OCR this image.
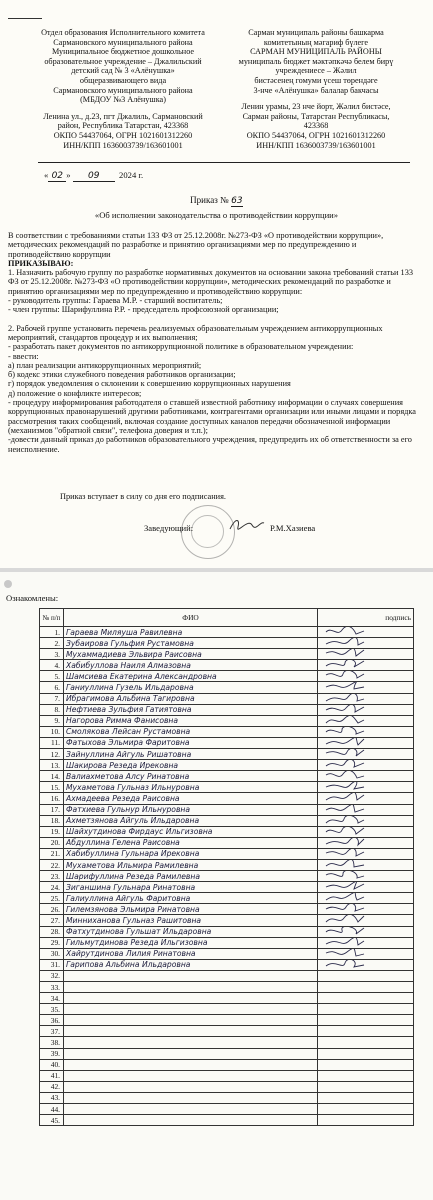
Отдел образования Исполнительного комитета
Сармановского муниципального района
Муниципальное бюджетное дошкольное
образовательное учреждение – Джалильский
детский сад № 3 «Алёнушка»
общеразвивающего вида
Сармановского муниципального района
(МБДОУ №3 Алёнушка)
Ленина ул., д.23, пгт Джалиль, Сармановский
район, Республика Татарстан, 423368
ОКПО 54437064, ОГРН 1021601312260
ИНН/КПП 1636003739/163601001
Сарман муниципаль районы башкарма
комитетының мәгариф бүлеге
САРМАН МУНИЦИПАЛЬ РАЙОНЫ
муниципаль бюджет мәктәпкәчә белем бирү
учреждениесе – Жәлил
бистәсенең гомуми үсеш төрендәге
3-нче «Алёнушка» балалар бакчасы
Ленин урамы, 23 нче йорт, Жәлил бистәсе,
Сарман районы, Татарстан Республикасы,
423368
ОКПО 54437064, ОГРН 1021601312260
ИНН/КПП 1636003739/163601001
« 02 » 09 2024 г.
Приказ № 63
«Об исполнении законодательства о противодействии коррупции»

В соответствии с требованиями статьи 133 ФЗ от 25.12.2008г. №273-ФЗ «О противодействии коррупции», методических рекомендаций по разработке и принятию организациями мер по предупреждению и противодействию коррупции

ПРИКАЗЫВАЮ:

1. Назначить рабочую группу по разработке нормативных документов на основании закона требований статьи 133 ФЗ от 25.12.2008г. №273-ФЗ «О противодействии коррупции», методических рекомендаций по разработке и принятию организациями мер по предупреждению и противодействию коррупции:

- руководитель группы: Гараева М.Р. - старший воспитатель;

- член группы: Шарифуллина Р.Р. - председатель профсоюзной организации;

2. Рабочей группе установить перечень реализуемых образовательным учреждением антикоррупционных мероприятий, стандартов процедур и их выполнения;

- разработать пакет документов по антикоррупционной политике в образовательном учреждении:

- ввести:

а) план реализации антикоррупционных мероприятий;

б) кодекс этики служебного поведения работников организации;

г) порядок уведомления о склонении к совершению коррупционных нарушения

д) положение о конфликте интересов;

- процедуру информирования работодателя о ставшей известной работнику информации о случаях совершения коррупционных правонарушений другими работниками, контрагентами организации или иными лицами и порядка рассмотрения таких сообщений, включая создание доступных каналов передачи обозначенной информации (механизмов "обратной связи", телефона доверия и т.п.);

-довести данный приказ до работников образовательного учреждения, предупредить их об ответственности за его неисполнение.

Приказ вступает в силу со дня его подписания.
Заведующий:	Р.М.Хазиева
Ознакомлены:
№ п/п	ФИО	подпись
1.	Гараева Миляуша Равилевна	

2.	Зубаирова Гульфия Рустамовна	

3.	Мухаммадиева Эльвира Раисовна	

4.	Хабибуллова Наиля Алмазовна	

5.	Шамсиева Екатерина Александровна	

6.	Ганиуллина Гузель Ильдаровна	

7.	Ибрагимова Альбина Тагировна	

8.	Нефтиева Зульфия Гатиятовна	

9.	Нагорова Римма Фанисовна	

10.	Смолякова Лейсан Рустамовна	

11.	Фатыхова Эльмира Фаритовна	

12.	Зайнуллина Айгуль Ришатовна	

13.	Шакирова Резеда Ирековна	

14.	Валиахметова Алсу Ринатовна	

15.	Мухаметова Гульназ Ильнуровна	

16.	Ахмадеева Резеда Раисовна	

17.	Фатхиева Гульнур Ильнуровна	

18.	Ахметзянова Айгуль Ильдаровна	

19.	Шайхутдинова Фирдаус Ильгизовна	

20.	Абдуллина Гелена Раисовна	

21.	Хабибуллина Гульнара Ирековна	

22.	Мухаметова Ильмира Рамилевна	

23.	Шарифуллина Резеда Рамилевна	

24.	Зиганшина Гульнара Ринатовна	

25.	Галиуллина Айгуль Фаритовна	

26.	Гилемзянова Эльмира Ринатовна	

27.	Минниханова Гульназ Рашитовна	

28.	Фатхутдинова Гульшат Ильдаровна	

29.	Гильмутдинова Резеда Ильгизовна	

30.	Хайрутдинова Лилия Ринатовна	

31.	Гарипова Альбина Ильдаровна	

32.		
33.		
34.		
35.		
36.		
37.		
38.		
39.		
40.		
41.		
42.		
43.		
44.		
45.		
